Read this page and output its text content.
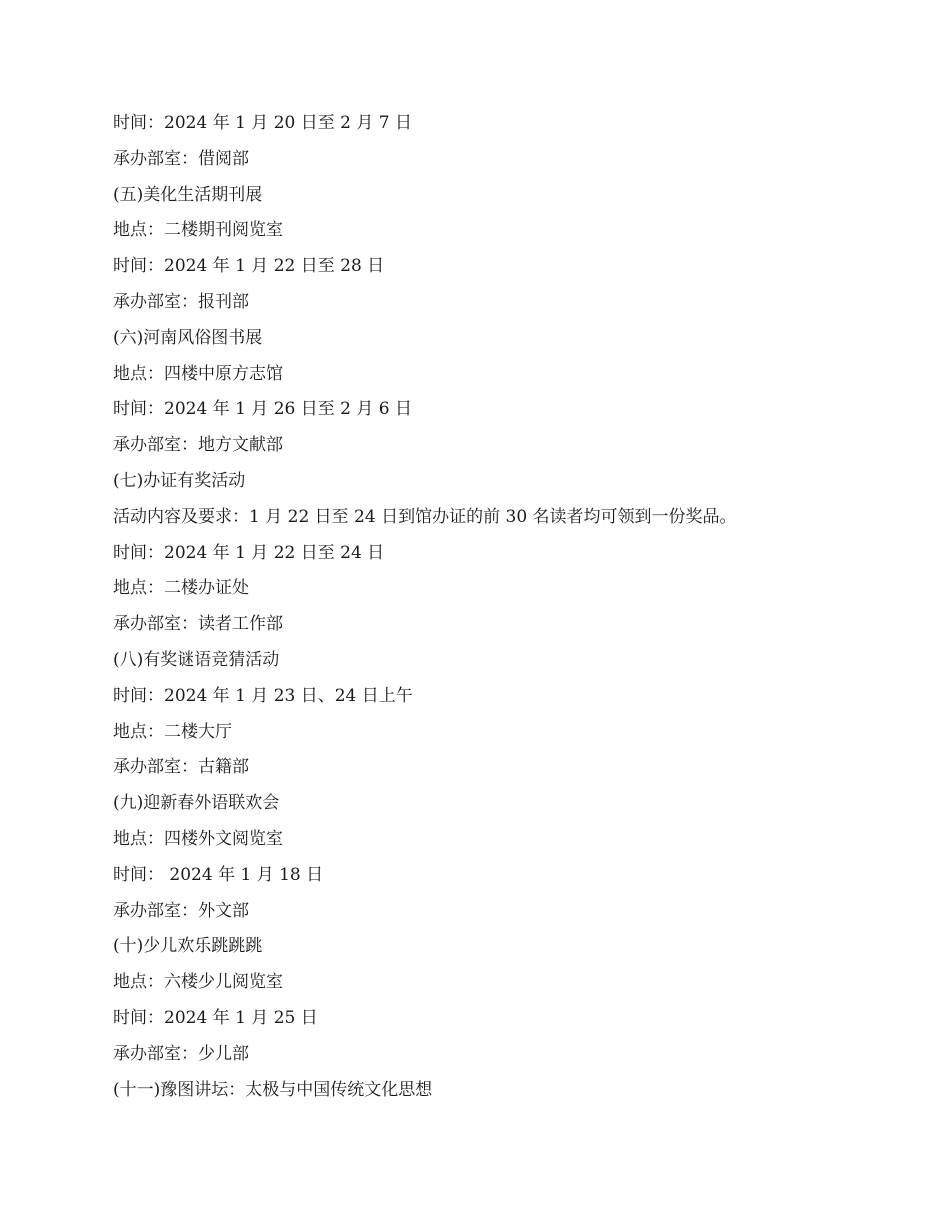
时间：2024 年 1 月 20 日至 2 月 7 日
承办部室：借阅部
(五)美化生活期刊展
地点：二楼期刊阅览室
时间：2024 年 1 月 22 日至 28 日
承办部室：报刊部
(六)河南风俗图书展
地点：四楼中原方志馆
时间：2024 年 1 月 26 日至 2 月 6 日
承办部室：地方文献部
(七)办证有奖活动
活动内容及要求：1 月 22 日至 24 日到馆办证的前 30 名读者均可领到一份奖品。
时间：2024 年 1 月 22 日至 24 日
地点：二楼办证处
承办部室：读者工作部
(八)有奖谜语竞猜活动
时间：2024 年 1 月 23 日、24 日上午
地点：二楼大厅
承办部室：古籍部
(九)迎新春外语联欢会
地点：四楼外文阅览室
时间： 2024 年 1 月 18 日
承办部室：外文部
(十)少儿欢乐跳跳跳
地点：六楼少儿阅览室
时间：2024 年 1 月 25 日
承办部室：少儿部
(十一)豫图讲坛：太极与中国传统文化思想
